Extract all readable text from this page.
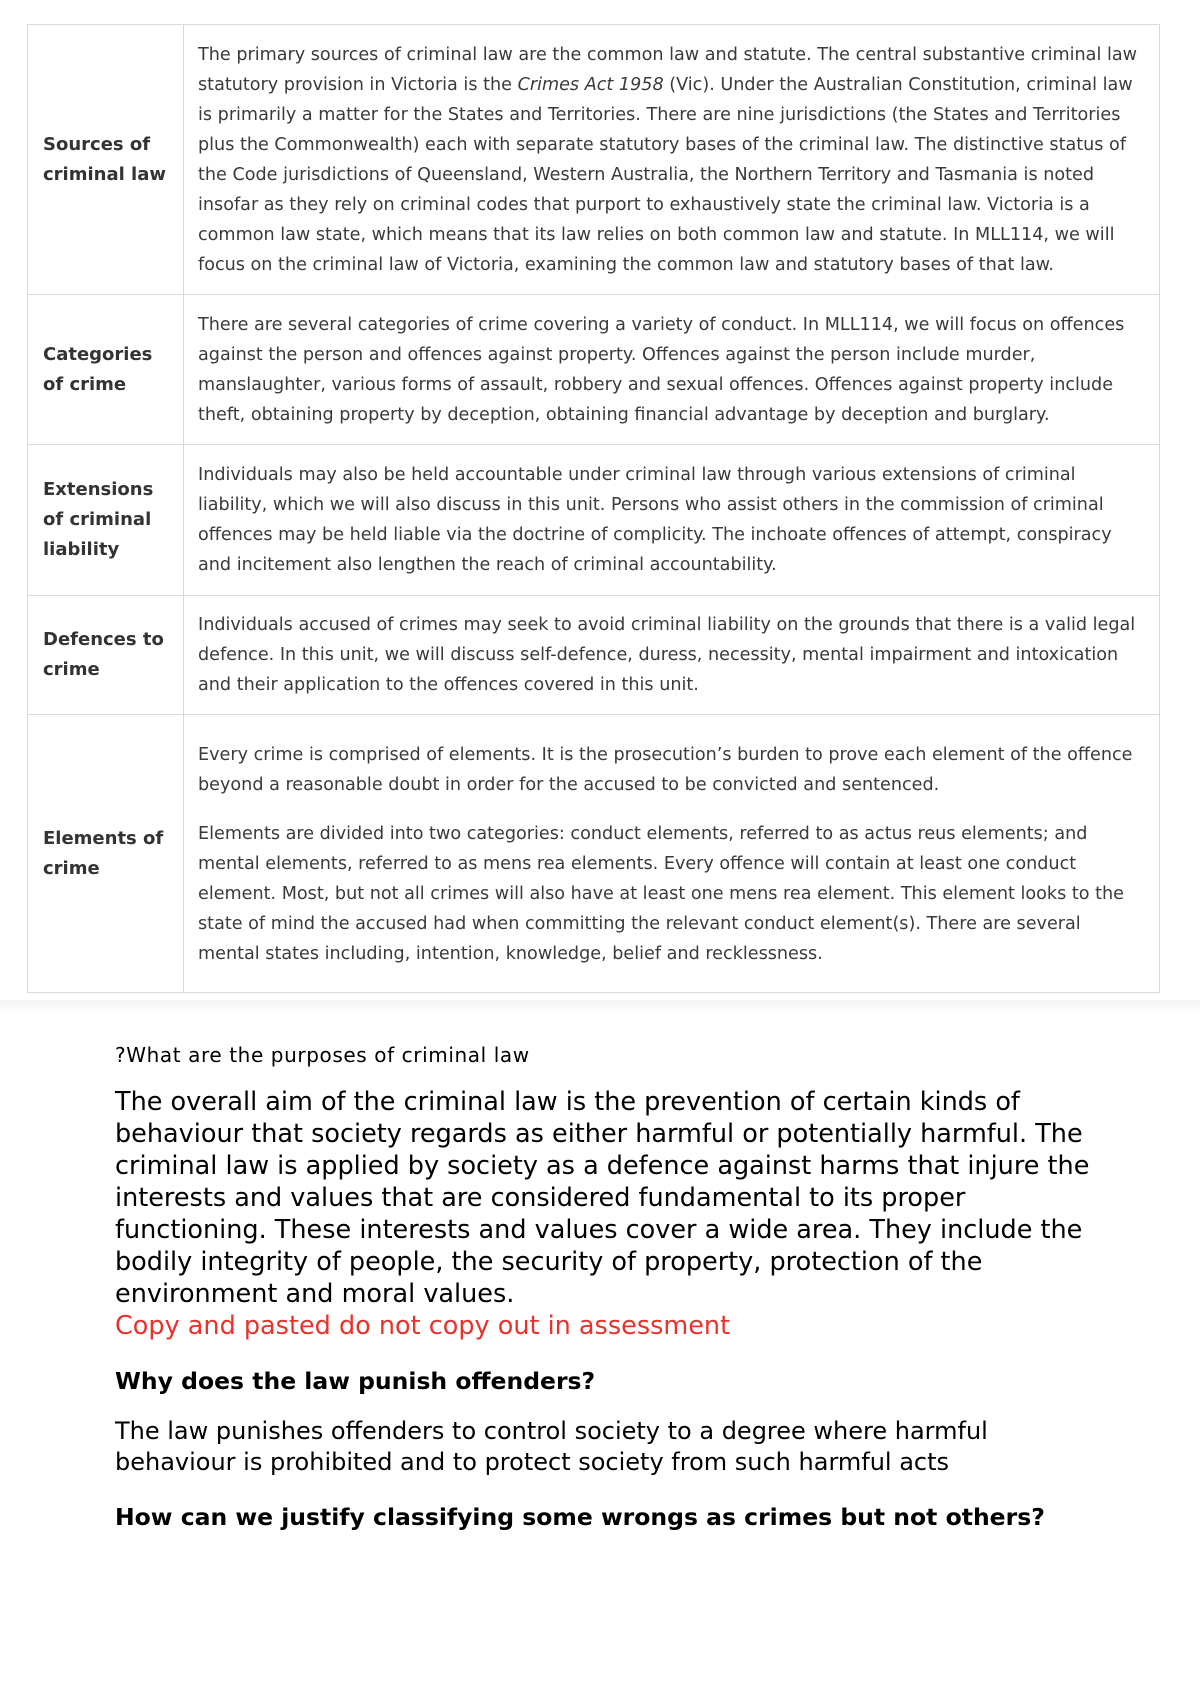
Sources of criminal law	The primary sources of criminal law are the common law and statute. The central substantive criminal law statutory provision in Victoria is the Crimes Act 1958 (Vic). Under the Australian Constitution, criminal law is primarily a matter for the States and Territories. There are nine jurisdictions (the States and Territories plus the Commonwealth) each with separate statutory bases of the criminal law. The distinctive status of the Code jurisdictions of Queensland, Western Australia, the Northern Territory and Tasmania is noted insofar as they rely on criminal codes that purport to exhaustively state the criminal law. Victoria is a common law state, which means that its law relies on both common law and statute. In MLL114, we will focus on the criminal law of Victoria, examining the common law and statutory bases of that law.

Categories of crime	There are several categories of crime covering a variety of conduct. In MLL114, we will focus on offences against the person and offences against property. Offences against the person include murder, manslaughter, various forms of assault, robbery and sexual offences. Offences against property include theft, obtaining property by deception, obtaining financial advantage by deception and burglary.

Extensions of criminal liability	Individuals may also be held accountable under criminal law through various extensions of criminal liability, which we will also discuss in this unit. Persons who assist others in the commission of criminal offences may be held liable via the doctrine of complicity. The inchoate offences of attempt, conspiracy and incitement also lengthen the reach of criminal accountability.

Defences to crime	Individuals accused of crimes may seek to avoid criminal liability on the grounds that there is a valid legal defence. In this unit, we will discuss self-defence, duress, necessity, mental impairment and intoxication and their application to the offences covered in this unit.

Elements of crime	Every crime is comprised of elements. It is the prosecution’s burden to prove each element of the offence beyond a reasonable doubt in order for the accused to be convicted and sentenced.

Elements are divided into two categories: conduct elements, referred to as actus reus elements; and mental elements, referred to as mens rea elements. Every offence will contain at least one conduct element. Most, but not all crimes will also have at least one mens rea element. This element looks to the state of mind the accused had when committing the relevant conduct element(s). There are several mental states including, intention, knowledge, belief and recklessness.

?What are the purposes of criminal law

The overall aim of the criminal law is the prevention of certain kinds of behaviour that society regards as either harmful or potentially harmful. The criminal law is applied by society as a defence against harms that injure the interests and values that are considered fundamental to its proper functioning. These interests and values cover a wide area. They include the bodily integrity of people, the security of property, protection of the environment and moral values.

Copy and pasted do not copy out in assessment

Why does the law punish offenders?

The law punishes offenders to control society to a degree where harmful behaviour is prohibited and to protect society from such harmful acts

How can we justify classifying some wrongs as crimes but not others?
